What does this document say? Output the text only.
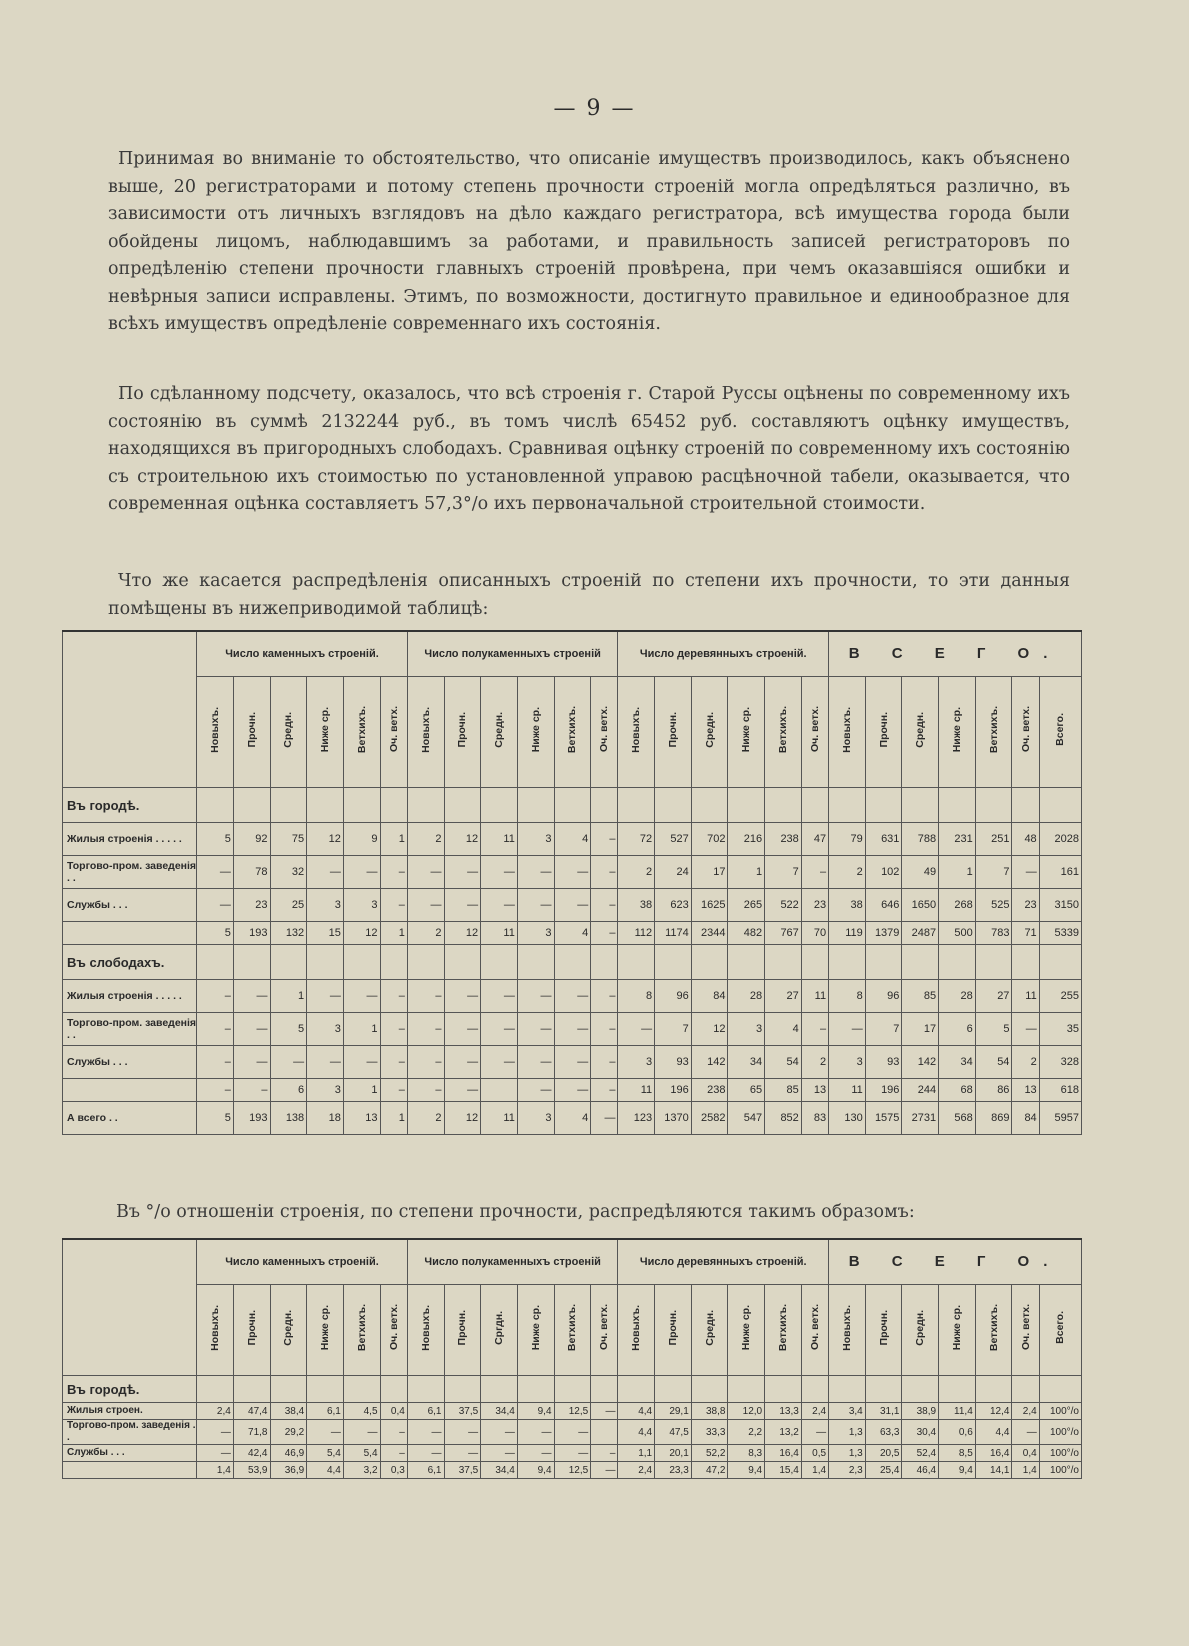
— 9 —

Принимая во вниманіе то обстоятельство, что описаніе имуществъ производилось, какъ объяснено выше, 20 регистраторами и потому степень прочности строеній могла опредѣляться различно, въ зависимости отъ личныхъ взглядовъ на дѣло каждаго регистратора, всѣ имущества города были обойдены лицомъ, наблюдавшимъ за работами, и правильность записей регистраторовъ по опредѣленію степени прочности главныхъ строеній провѣрена, при чемъ оказавшіяся ошибки и невѣрныя записи исправлены. Этимъ, по возможности, достигнуто правильное и единообразное для всѣхъ имуществъ опредѣленіе современнаго ихъ состоянія.

По сдѣланному подсчету, оказалось, что всѣ строенія г. Старой Руссы оцѣнены по современному ихъ состоянію въ суммѣ 2132244 руб., въ томъ числѣ 65452 руб. составляютъ оцѣнку имуществъ, находящихся въ пригородныхъ слободахъ. Сравнивая оцѣнку строеній по современному ихъ состоянію съ строительною ихъ стоимостью по установленной управою расцѣночной табели, оказывается, что современная оцѣнка составляетъ 57,3°/о ихъ первоначальной строительной стоимости.

Что же касается распредѣленія описанныхъ строеній по степени ихъ прочности, то эти данныя помѣщены въ нижеприводимой таблицѣ:

	Число каменныхъ строеній.						Число полукаменныхъ строеній						Число деревянныхъ строеній.						В С Е Г О.						
	Новыхъ.	Прочн.	Средн.	Ниже ср.	Ветхихъ.	Оч. ветх.	Новыхъ.	Прочн.	Средн.	Ниже ср.	Ветхихъ.	Оч. ветх.	Новыхъ.	Прочн.	Средн.	Ниже ср.	Ветхихъ.	Оч. ветх.	Новыхъ.	Прочн.	Средн.	Ниже ср.	Ветхихъ.	Оч. ветх.	Всего.
Въ городѣ.																									
Жилыя строенія . . . . .	5	92	75	12	9	1	2	12	11	3	4	–	72	527	702	216	238	47	79	631	788	231	251	48	2028
Торгово-пром. заведенія . .	—	78	32	—	—	–	—	—	—	—	—	–	2	24	17	1	7	–	2	102	49	1	7	—	161
Службы . . .	—	23	25	3	3	–	—	—	—	—	—	–	38	623	1625	265	522	23	38	646	1650	268	525	23	3150
	5	193	132	15	12	1	2	12	11	3	4	–	112	1174	2344	482	767	70	119	1379	2487	500	783	71	5339
Въ слободахъ.																									
Жилыя строенія . . . . .	–	—	1	—	—	–	–	—	—	—	—	–	8	96	84	28	27	11	8	96	85	28	27	11	255
Торгово-пром. заведенія . .	–	—	5	3	1	–	–	—	—	—	—	–	—	7	12	3	4	–	—	7	17	6	5	—	35
Службы . . .	–	—	—	—	—	–	–	—	—	—	—	–	3	93	142	34	54	2	3	93	142	34	54	2	328
	–	–	6	3	1	–	–	—		—	—	–	11	196	238	65	85	13	11	196	244	68	86	13	618
А всего . .	5	193	138	18	13	1	2	12	11	3	4	—	123	1370	2582	547	852	83	130	1575	2731	568	869	84	5957

Въ °/о отношеніи строенія, по степени прочности, распредѣляются такимъ образомъ:

	Число каменныхъ строеній.						Число полукаменныхъ строеній						Число деревянныхъ строеній.						В С Е Г О.						
	Новыхъ.	Прочн.	Средн.	Ниже ср.	Ветхихъ.	Оч. ветх.	Новыхъ.	Прочн.	Сргдн.	Ниже ср.	Ветхихъ.	Оч. ветх.	Новыхъ.	Прочн.	Средн.	Ниже ср.	Ветхихъ.	Оч. ветх.	Новыхъ.	Прочн.	Средн.	Ниже ср.	Ветхихъ.	Оч. ветх.	Всего.
Въ городѣ.																									
Жилыя строен.	2,4	47,4	38,4	6,1	4,5	0,4	6,1	37,5	34,4	9,4	12,5	—	4,4	29,1	38,8	12,0	13,3	2,4	3,4	31,1	38,9	11,4	12,4	2,4	100°/о
Торгово-пром. заведенія . .	—	71,8	29,2	—	—	–	—	—	—	—	—		4,4	47,5	33,3	2,2	13,2	—	1,3	63,3	30,4	0,6	4,4	—	100°/о
Службы . . .	—	42,4	46,9	5,4	5,4	–	—	—	—	—	—	–	1,1	20,1	52,2	8,3	16,4	0,5	1,3	20,5	52,4	8,5	16,4	0,4	100°/о
	1,4	53,9	36,9	4,4	3,2	0,3	6,1	37,5	34,4	9,4	12,5	—	2,4	23,3	47,2	9,4	15,4	1,4	2,3	25,4	46,4	9,4	14,1	1,4	100°/о
